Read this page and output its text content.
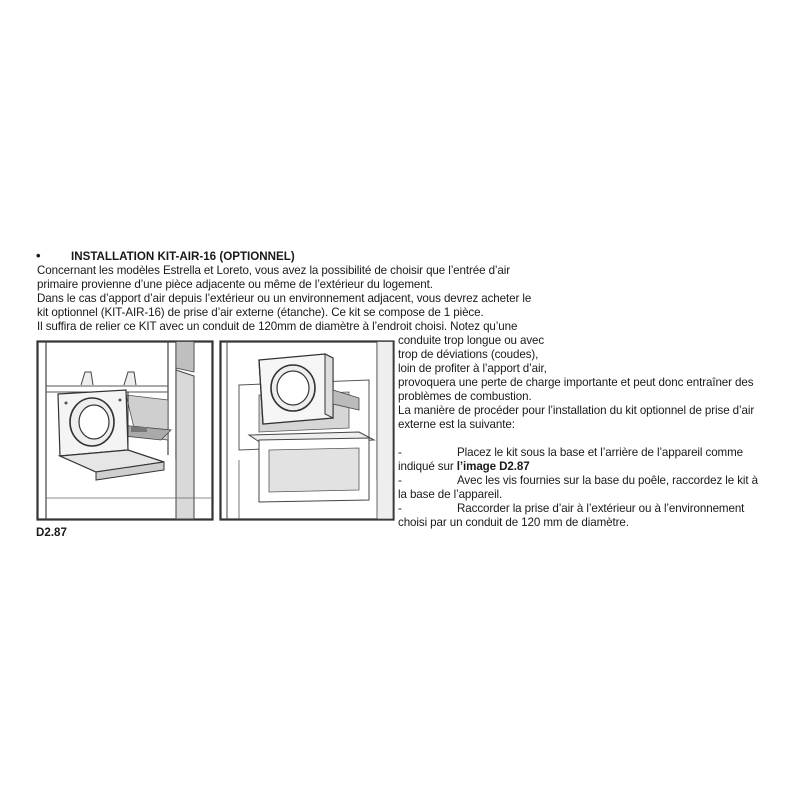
•	INSTALLATION KIT-AIR-16 (OPTIONNEL)
Concernant les modèles Estrella et Loreto, vous avez la possibilité de choisir que l’entrée d’air
primaire provienne d’une pièce adjacente ou même de l’extérieur du logement.
Dans le cas d’apport d’air depuis l’extérieur ou un environnement adjacent, vous devrez acheter le
kit optionnel (KIT-AIR-16) de prise d’air externe (étanche). Ce kit se compose de 1 pièce.
Il suffira de relier ce KIT avec un conduit de 120mm de diamètre à l’endroit choisi. Notez qu’une
conduite trop longue ou avec
trop de déviations (coudes),
loin de profiter à l’apport d’air,
provoquera une perte de charge importante et peut donc entraîner des
problèmes de combustion.
La manière de procéder pour l’installation du kit optionnel de prise d’air
externe est la suivante:
-	Placez le kit sous la base et l’arrière de l’appareil comme
indiqué sur l’image D2.87
-	Avec les vis fournies sur la base du poêle, raccordez le kit à
la base de l’appareil.
-	Raccorder la prise d’air à l’extérieur ou à l’environnement
choisi par un conduit de 120 mm de diamètre.
D2.87
